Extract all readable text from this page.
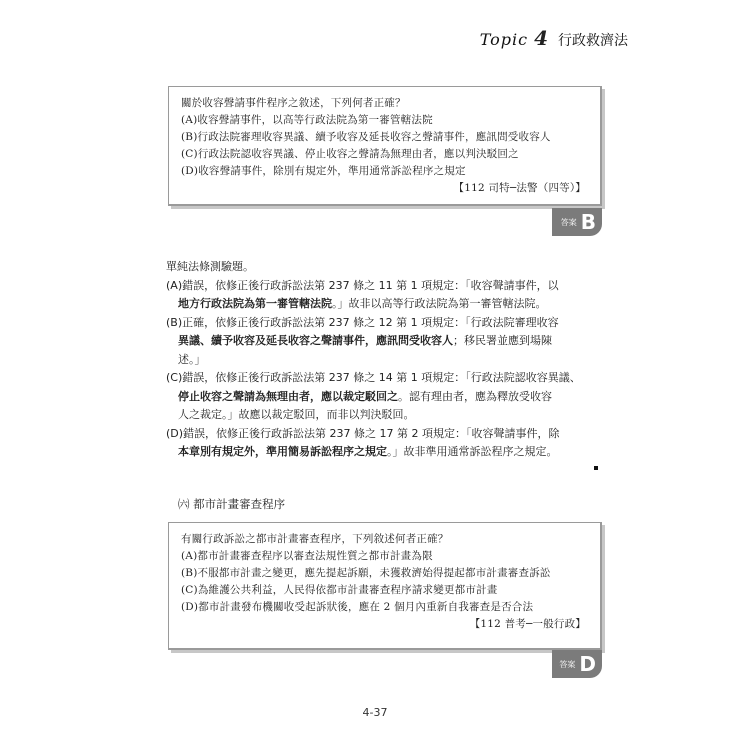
Topic 4 行政救濟法
關於收容聲請事件程序之敘述，下列何者正確？
(A)收容聲請事件，以高等行政法院為第一審管轄法院
(B)行政法院審理收容異議、續予收容及延長收容之聲請事件，應訊問受收容人
(C)行政法院認收容異議、停止收容之聲請為無理由者，應以判決駁回之
(D)收容聲請事件，除別有規定外，準用通常訴訟程序之規定
【112 司特─法警（四等）】
答案 B

單純法條測驗題。

(A)錯誤，依修正後行政訴訟法第 237 條之 11 第 1 項規定：「收容聲請事件，以
地方行政法院為第一審管轄法院。」故非以高等行政法院為第一審管轄法院。

(B)正確，依修正後行政訴訟法第 237 條之 12 第 1 項規定：「行政法院審理收容
異議、續予收容及延長收容之聲請事件，應訊問受收容人；移民署並應到場陳
述。」

(C)錯誤，依修正後行政訴訟法第 237 條之 14 第 1 項規定：「行政法院認收容異議、
停止收容之聲請為無理由者，應以裁定駁回之。認有理由者，應為釋放受收容
人之裁定。」故應以裁定駁回，而非以判決駁回。

(D)錯誤，依修正後行政訴訟法第 237 條之 17 第 2 項規定：「收容聲請事件，除
本章別有規定外，準用簡易訴訟程序之規定。」故非準用通常訴訟程序之規定。

㈥ 都市計畫審查程序
有關行政訴訟之都市計畫審查程序，下列敘述何者正確？
(A)都市計畫審查程序以審查法規性質之都市計畫為限
(B)不服都市計畫之變更，應先提起訴願，未獲救濟始得提起都市計畫審查訴訟
(C)為維護公共利益，人民得依都市計畫審查程序請求變更都市計畫
(D)都市計畫發布機關收受起訴狀後，應在 2 個月內重新自我審查是否合法
【112 普考─一般行政】
答案 D
4-37
